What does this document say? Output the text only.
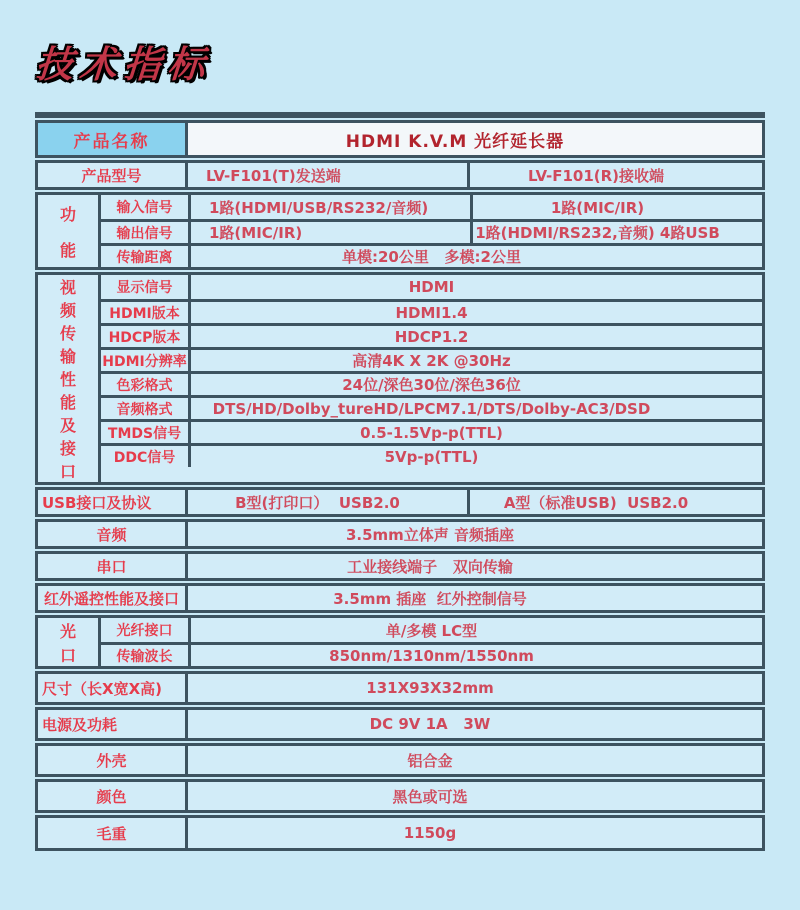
技术指标
产品名称	HDMI K.V.M 光纤延长器
产品型号	LV-F101(T)发送端	LV-F101(R)接收端
功
能
输入信号	1路(HDMI/USB/RS232/音频)	1路(MIC/IR)
输出信号	1路(MIC/IR)	1路(HDMI/RS232,音频) 4路USB
传输距离	单模:20公里   多模:2公里
视
频
传
输
性
能
及
接
口
显示信号	HDMI
HDMI版本	HDMI1.4
HDCP版本	HDCP1.2
HDMI分辨率	高清4K X 2K @30Hz
色彩格式	24位/深色30位/深色36位
音频格式	DTS/HD/Dolby_tureHD/LPCM7.1/DTS/Dolby-AC3/DSD
TMDS信号	0.5-1.5Vp-p(TTL)
DDC信号	5Vp-p(TTL)
USB接口及协议	B型(打印口）  USB2.0	A型（标准USB)  USB2.0
音频	3.5mm立体声 音频插座
串口	工业接线端子   双向传输
红外遥控性能及接口	3.5mm 插座  红外控制信号
光
口
光纤接口	单/多模 LC型
传输波长	850nm/1310nm/1550nm
尺寸（长X宽X高)	131X93X32mm
电源及功耗	DC 9V 1A   3W
外壳	铝合金
颜色	黑色或可选
毛重	1150g
